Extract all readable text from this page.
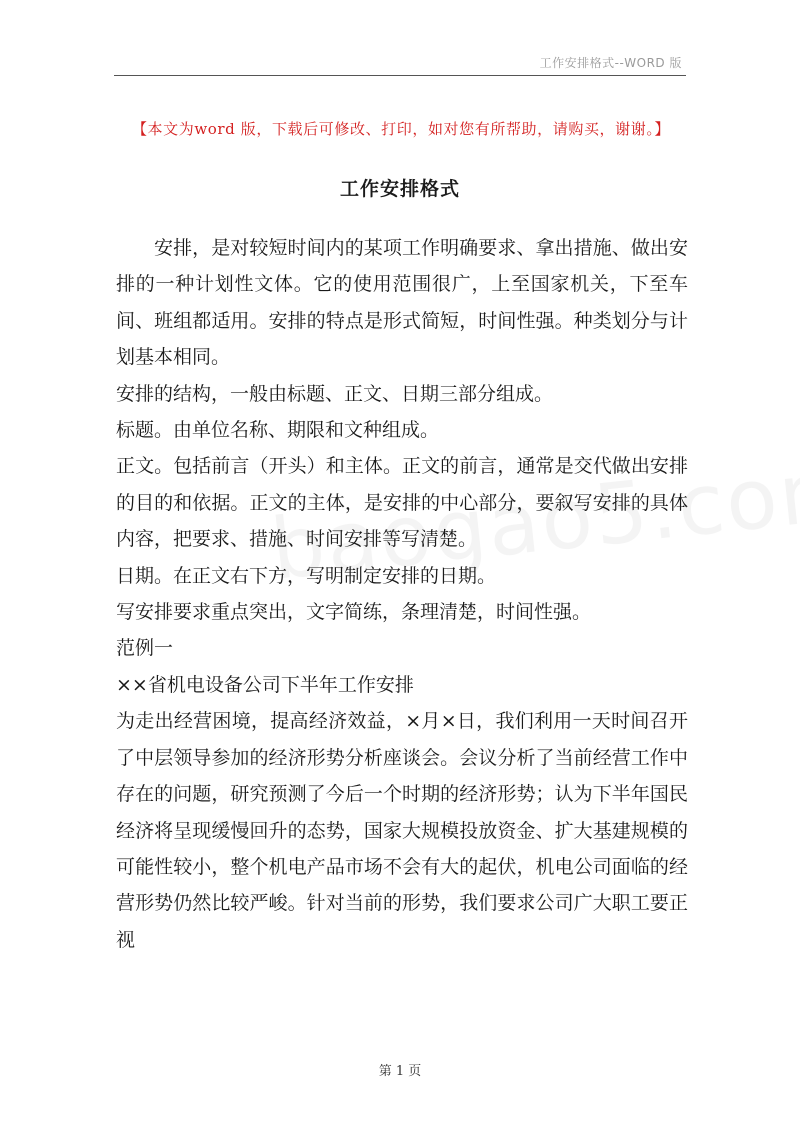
工作安排格式--WORD 版
【本文为word 版，下载后可修改、打印，如对您有所帮助，请购买，谢谢。】
工作安排格式

安排，是对较短时间内的某项工作明确要求、拿出措施、做出安排的一种计划性文体。它的使用范围很广，上至国家机关，下至车间、班组都适用。安排的特点是形式简短，时间性强。种类划分与计划基本相同。

安排的结构，一般由标题、正文、日期三部分组成。

标题。由单位名称、期限和文种组成。

正文。包括前言（开头）和主体。正文的前言，通常是交代做出安排的目的和依据。正文的主体，是安排的中心部分，要叙写安排的具体内容，把要求、措施、时间安排等写清楚。

日期。在正文右下方，写明制定安排的日期。

写安排要求重点突出，文字简练，条理清楚，时间性强。

范例一

××省机电设备公司下半年工作安排

为走出经营困境，提高经济效益，×月×日，我们利用一天时间召开了中层领导参加的经济形势分析座谈会。会议分析了当前经营工作中存在的问题，研究预测了今后一个时期的经济形势；认为下半年国民经济将呈现缓慢回升的态势，国家大规模投放资金、扩大基建规模的可能性较小，整个机电产品市场不会有大的起伏，机电公司面临的经营形势仍然比较严峻。针对当前的形势，我们要求公司广大职工要正视

第 1 页
